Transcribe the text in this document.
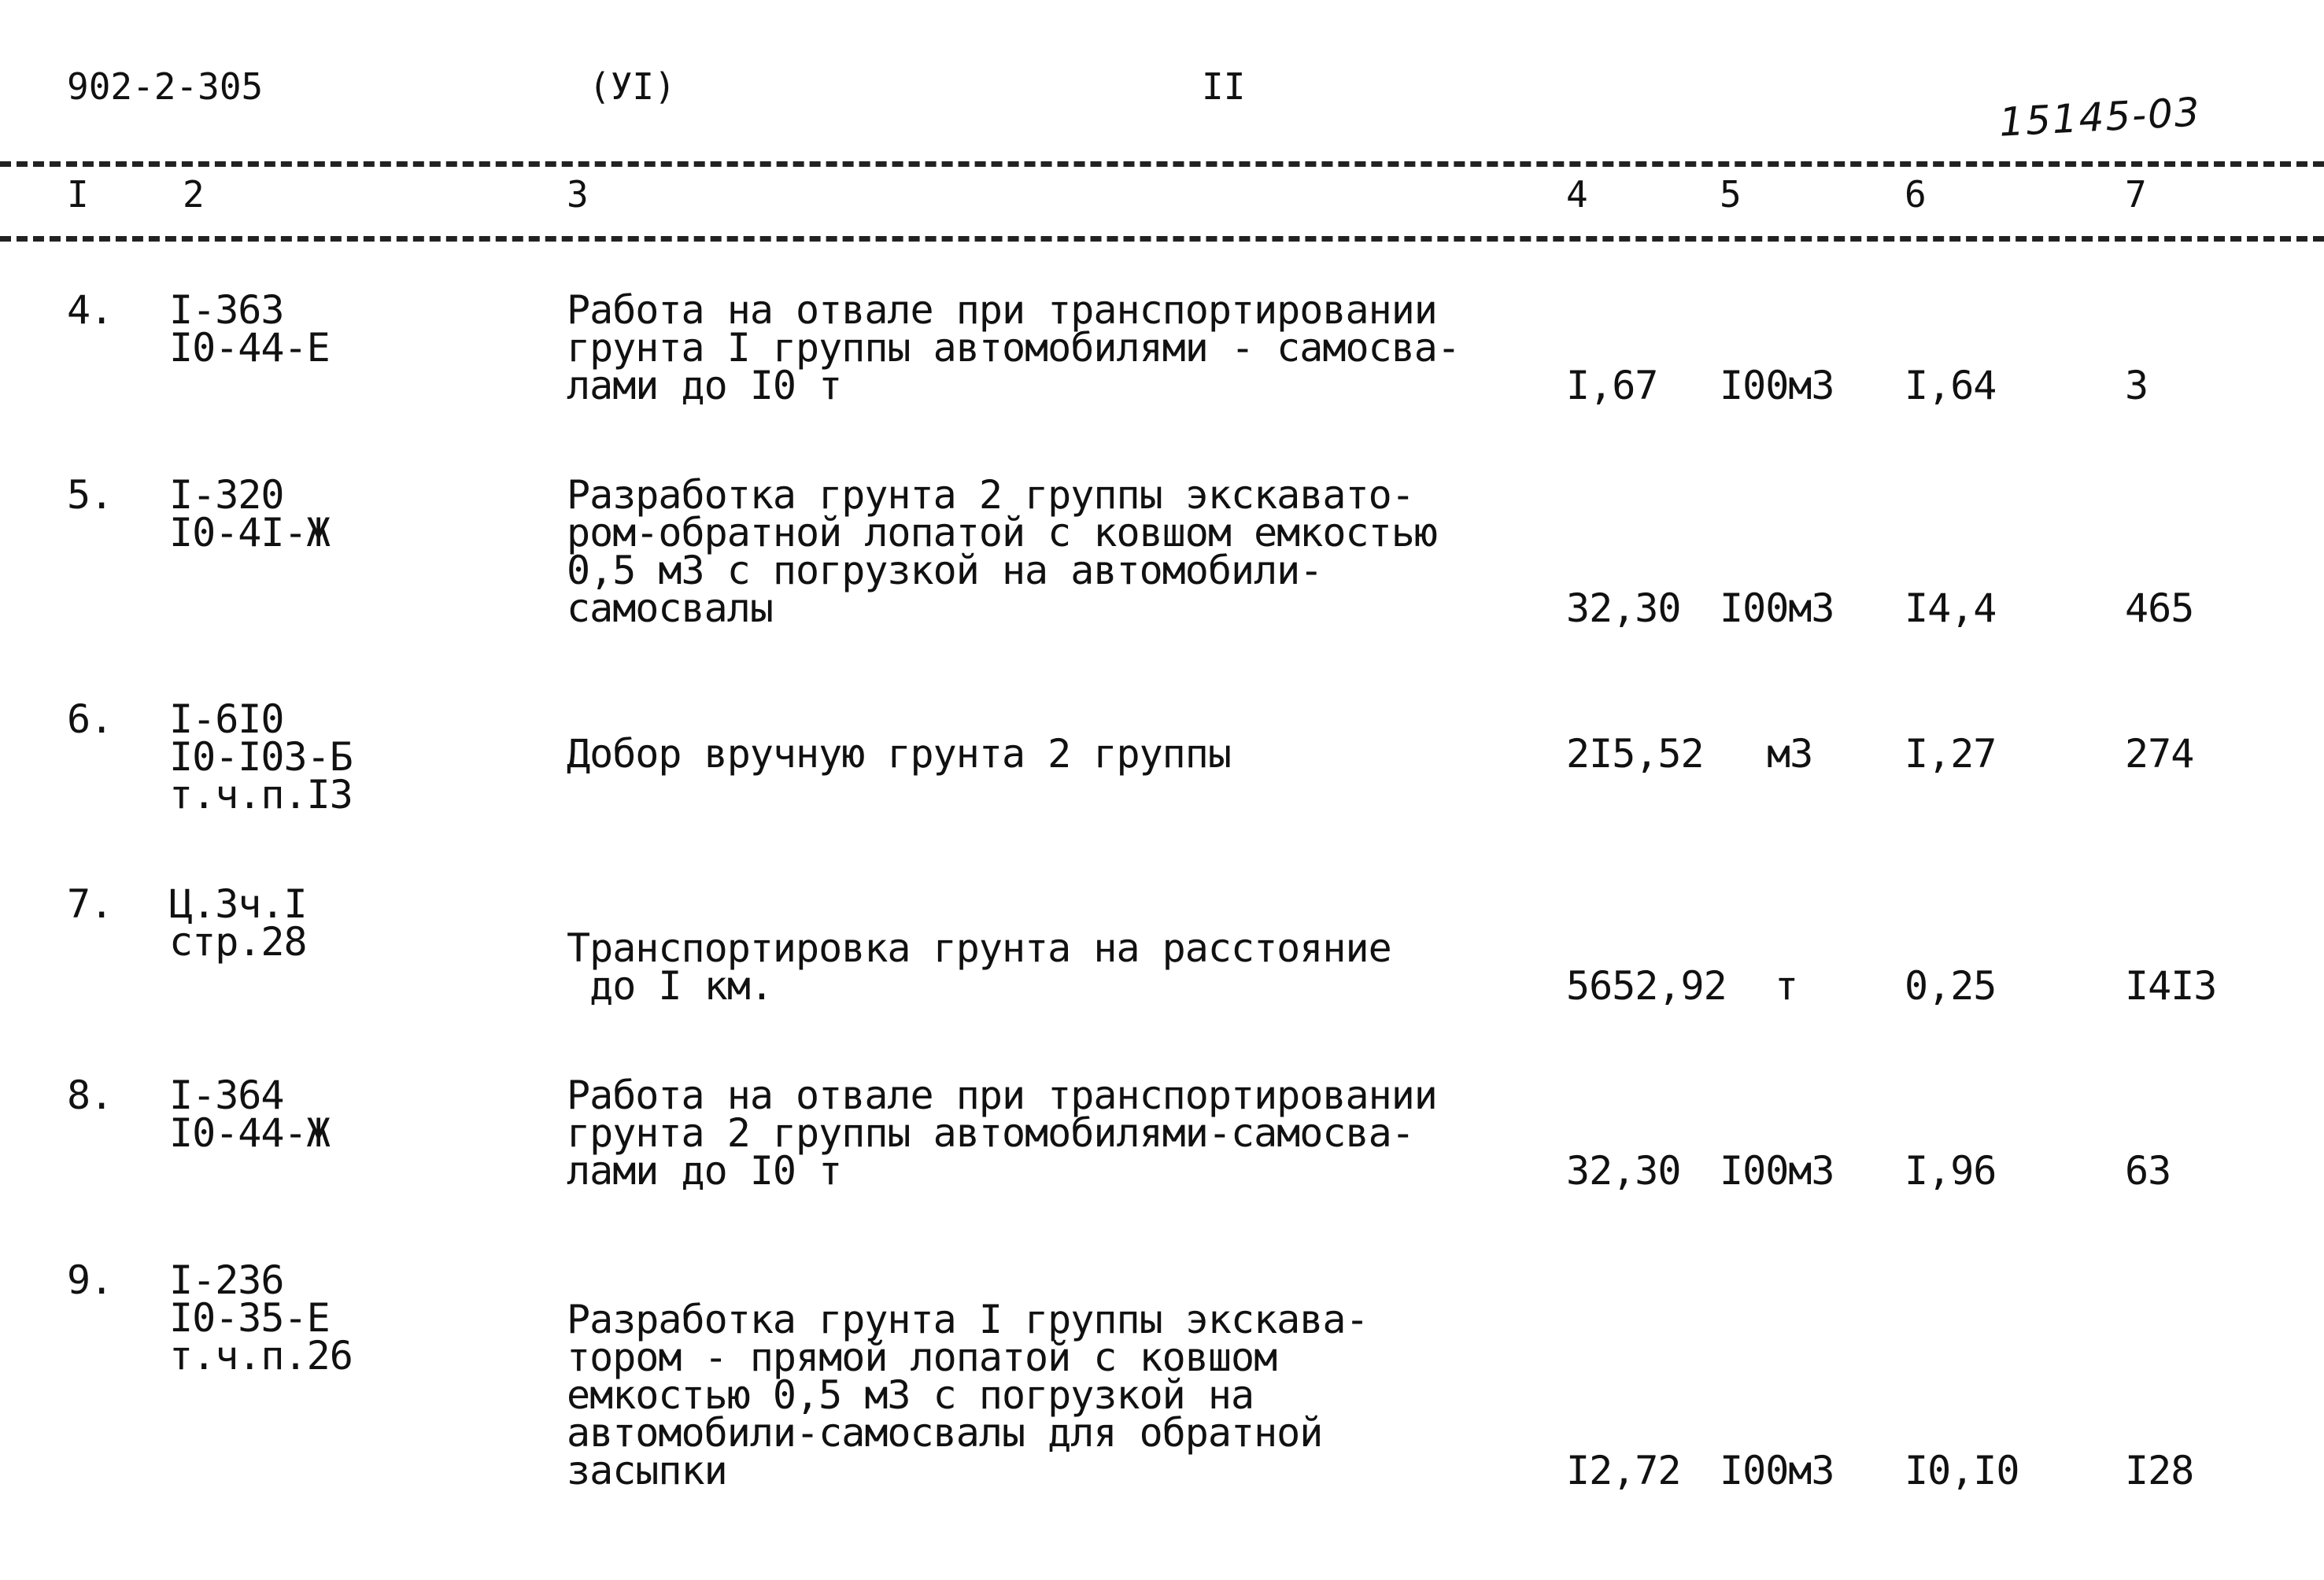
902-2-305	(УI)	II
15145-03
I	2	3	4	5	6	7
4. I-363
I0-44-Е
Работа на отвале при транспортировании
грунта I группы автомобилями - самосва-
лами до I0 т	I,67 I00м3 I,64	3
5. I-320
I0-4I-Ж
Разработка грунта 2 группы экскавато-
ром-обратной лопатой с ковшом емкостью
0,5 м3 с погрузкой на автомобили-
самосвалы	32,30 I00м3 I4,4	465
6. I-6I0
I0-I03-Б
т.ч.п.I3
Добор вручную грунта 2 группы	2I5,52 м3 I,27	274
7. Ц.3ч.I
стр.28	Транспортировка грунта на расстояние
до I км.	5652,92 т	0,25	I4I3
8. I-364
I0-44-Ж
Работа на отвале при транспортировании
грунта 2 группы автомобилями-самосва-
лами до I0 т	32,30 I00м3 I,96	63
9. I-236
I0-35-Е
т.ч.п.26
Разработка грунта I группы экскава-
тором - прямой лопатой с ковшом
емкостью 0,5 м3 с погрузкой на
автомобили-самосвалы для обратной
засыпки	I2,72 I00м3 I0,I0	I28
